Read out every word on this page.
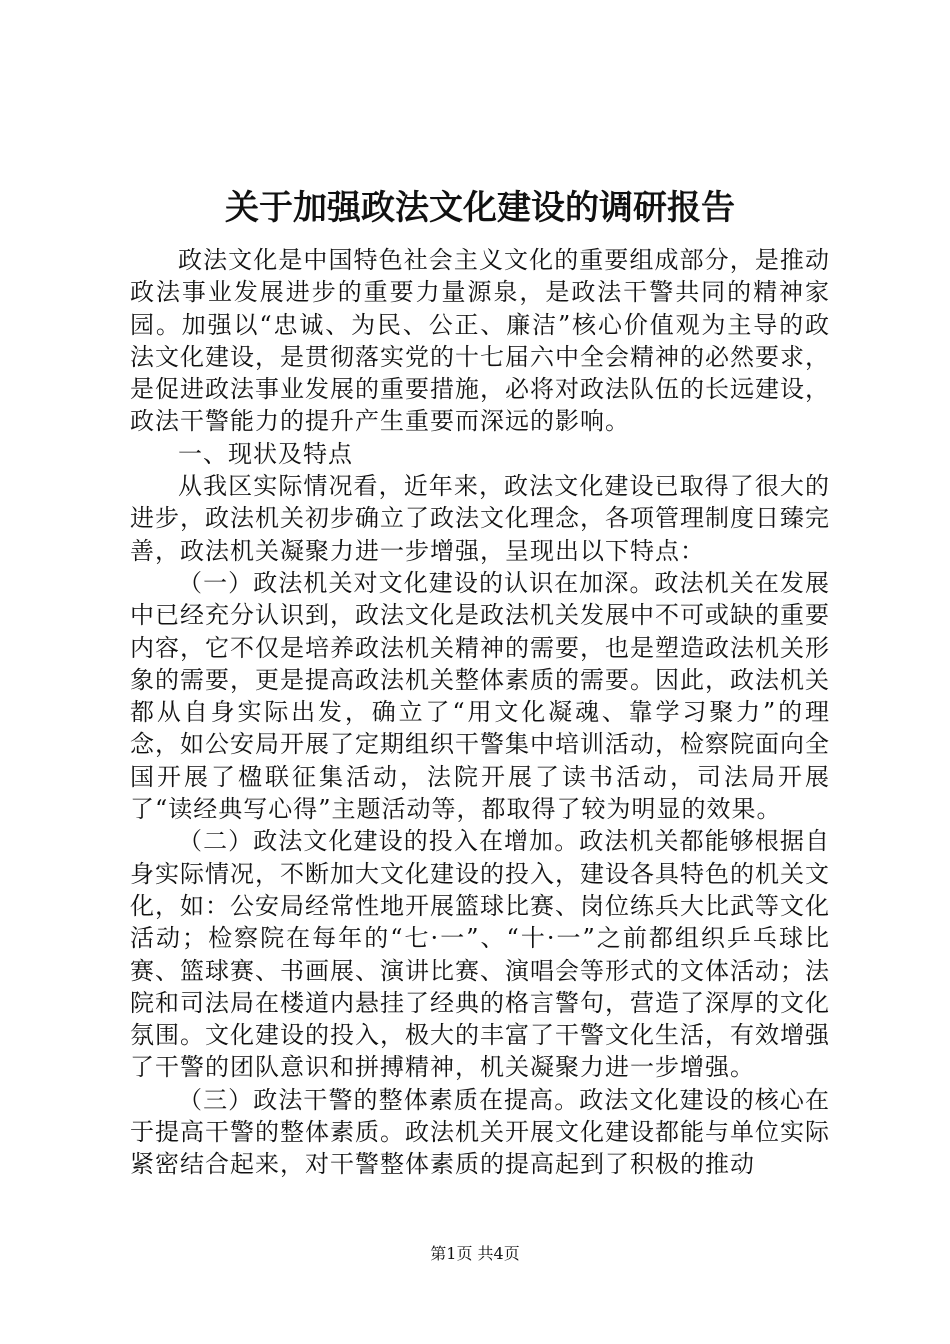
关于加强政法文化建设的调研报告

政法文化是中国特色社会主义文化的重要组成部分，是推动政法事业发展进步的重要力量源泉，是政法干警共同的精神家园。加强以“忠诚、为民、公正、廉洁”核心价值观为主导的政法文化建设，是贯彻落实党的十七届六中全会精神的必然要求，是促进政法事业发展的重要措施，必将对政法队伍的长远建设，政法干警能力的提升产生重要而深远的影响。

一、现状及特点

从我区实际情况看，近年来，政法文化建设已取得了很大的进步，政法机关初步确立了政法文化理念，各项管理制度日臻完善，政法机关凝聚力进一步增强，呈现出以下特点：

（一）政法机关对文化建设的认识在加深。政法机关在发展中已经充分认识到，政法文化是政法机关发展中不可或缺的重要内容，它不仅是培养政法机关精神的需要，也是塑造政法机关形象的需要，更是提高政法机关整体素质的需要。因此，政法机关都从自身实际出发，确立了“用文化凝魂、靠学习聚力”的理念，如公安局开展了定期组织干警集中培训活动，检察院面向全国开展了楹联征集活动，法院开展了读书活动，司法局开展了“读经典写心得”主题活动等，都取得了较为明显的效果。

（二）政法文化建设的投入在增加。政法机关都能够根据自身实际情况，不断加大文化建设的投入，建设各具特色的机关文化，如：公安局经常性地开展篮球比赛、岗位练兵大比武等文化活动；检察院在每年的“七·一”、“十·一”之前都组织乒乓球比赛、篮球赛、书画展、演讲比赛、演唱会等形式的文体活动；法院和司法局在楼道内悬挂了经典的格言警句，营造了深厚的文化氛围。文化建设的投入，极大的丰富了干警文化生活，有效增强了干警的团队意识和拼搏精神，机关凝聚力进一步增强。

（三）政法干警的整体素质在提高。政法文化建设的核心在于提高干警的整体素质。政法机关开展文化建设都能与单位实际紧密结合起来，对干警整体素质的提高起到了积极的推动

第1页 共4页
